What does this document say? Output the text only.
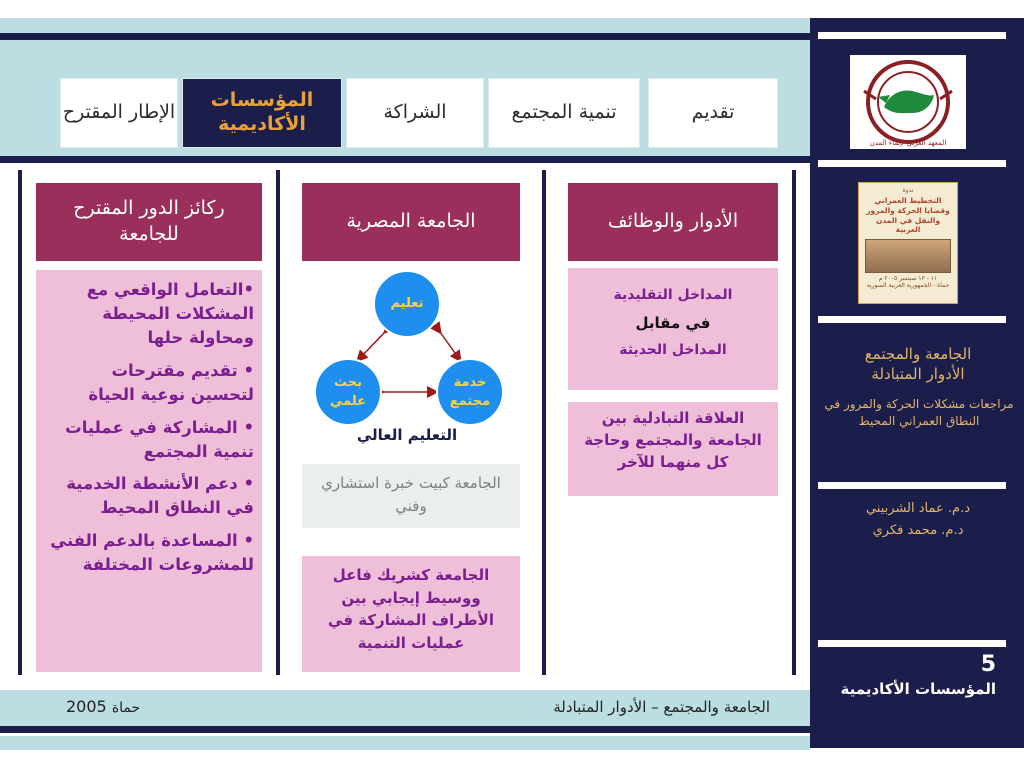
تقديم
تنمية المجتمع
الشراكة
المؤسسات الأكاديمية
الإطار المقترح
الأدوار والوظائف
المداخل التقليدية
في مقابل
المداخل الحديثة
العلاقة التبادلية بين الجامعة والمجتمع وحاجة كل منهما للآخر
الجامعة المصرية
تعليم
بحث علمي
خدمة مجتمع
التعليم العالي
الجامعة كبيت خبرة استشاري وفني
الجامعة كشريك فاعل ووسيط إيجابي بين الأطراف المشاركة في عمليات التنمية
ركائز الدور المقترح للجامعة
•التعامل الواقعي مع المشكلات المحيطة ومحاولة حلها
• تقديم مقترحات لتحسين نوعية الحياة
• المشاركة في عمليات تنمية المجتمع
• دعم الأنشطة الخدمية في النطاق المحيط
• المساعدة بالدعم الفني للمشروعات المختلفة
الجامعة والمجتمع – الأدوار المتبادلة
2005 حماة
المعهد العربي لإنماء المدن
ندوة
التخطيط العمراني وقضايا الحركة والمرور والنقل في المدن العربية
١١ - ١٣ سبتمبر ٢٠٠٥ م
حماة - الجمهورية العربية السورية
الجامعة والمجتمع
الأدوار المتبادلة
مراجعات مشكلات الحركة والمرور في النطاق العمراني المحيط
د.م. عماد الشربيني
د.م. محمد فكري
5
المؤسسات الأكاديمية
